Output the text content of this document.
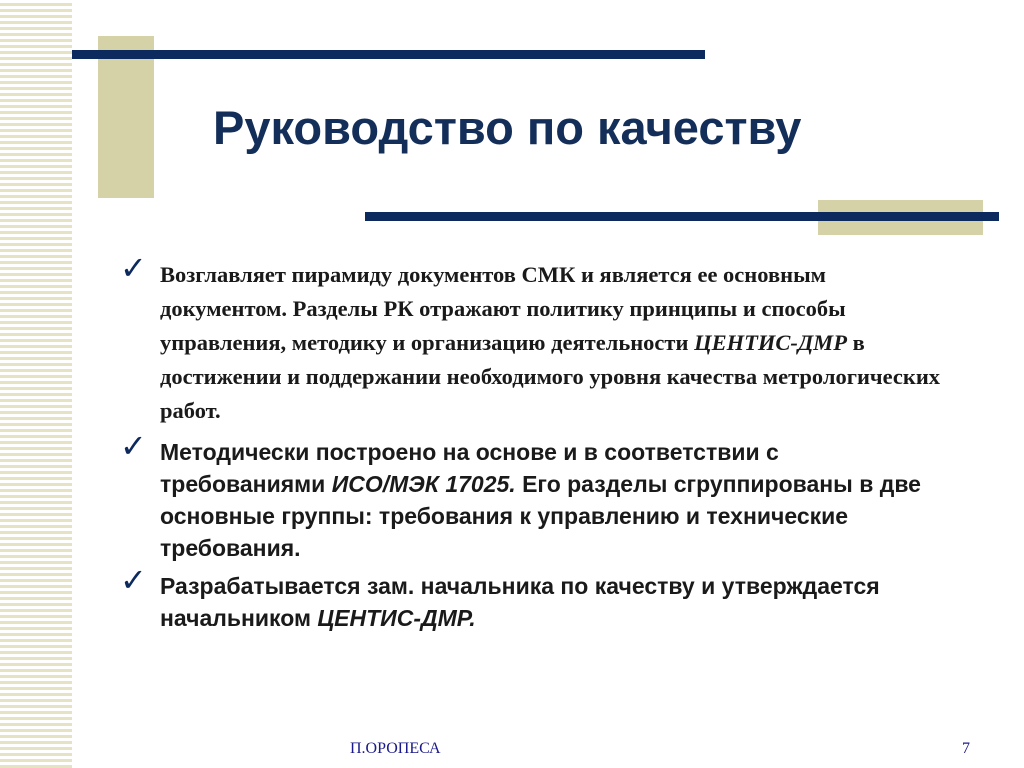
Руководство по качеству
✓ Возглавляет пирамиду документов СМК и является ее основным документом. Разделы РК отражают политику принципы и способы управления, методику и организацию деятельности ЦЕНТИС-ДМР в достижении и поддержании необходимого уровня качества метрологических работ.
✓ Методически построено на основе и в соответствии с требованиями ИСО/МЭК 17025. Его разделы сгруппированы в две основные группы: требования к управлению и технические требования.
✓ Разрабатывается зам. начальника по качеству и утверждается начальником ЦЕНТИС-ДМР.
П.ОРОПЕСА	7
